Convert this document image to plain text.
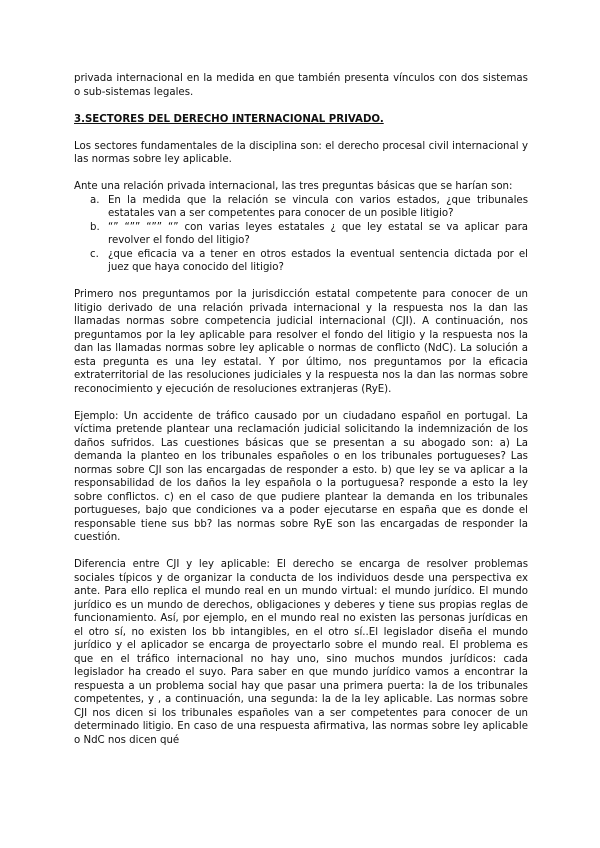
privada internacional en la medida en que también presenta vínculos con dos sistemas o sub-sistemas legales.

3.SECTORES DEL DERECHO INTERNACIONAL PRIVADO.

Los sectores fundamentales de la disciplina son: el derecho procesal civil internacional y las normas sobre ley aplicable.

Ante una relación privada internacional, las tres preguntas básicas que se harían son:

a. En la medida que la relación se vincula con varios estados, ¿que tribunales estatales van a ser competentes para conocer de un posible litigio?
b. “” “”” “”” “” con varias leyes estatales ¿ que ley estatal se va aplicar para revolver el fondo del litigio?
c. ¿que eficacia va a tener en otros estados la eventual sentencia dictada por el juez que haya conocido del litigio?

Primero nos preguntamos por la jurisdicción estatal competente para conocer de un litigio derivado de una relación privada internacional y la respuesta nos la dan las llamadas normas sobre competencia judicial internacional (CJI). A continuación, nos preguntamos por la ley aplicable para resolver el fondo del litigio y la respuesta nos la dan las llamadas normas sobre ley aplicable o normas de conflicto (NdC). La solución a esta pregunta es una ley estatal. Y por último, nos preguntamos por la eficacia extraterritorial de las resoluciones judiciales y la respuesta nos la dan las normas sobre reconocimiento y ejecución de resoluciones extranjeras (RyE).

Ejemplo: Un accidente de tráfico causado por un ciudadano español en portugal. La víctima pretende plantear una reclamación judicial solicitando la indemnización de los daños sufridos. Las cuestiones básicas que se presentan a su abogado son: a) La demanda la planteo en los tribunales españoles o en los tribunales portugueses? Las normas sobre CJI son las encargadas de responder a esto. b) que ley se va aplicar a la responsabilidad de los daños la ley española o la portuguesa? responde a esto la ley sobre conflictos. c) en el caso de que pudiere plantear la demanda en los tribunales portugueses, bajo que condiciones va a poder ejecutarse en españa que es donde el responsable tiene sus bb? las normas sobre RyE son las encargadas de responder la cuestión.

Diferencia entre CJI y ley aplicable: El derecho se encarga de resolver problemas sociales típicos y de organizar la conducta de los individuos desde una perspectiva ex ante. Para ello replica el mundo real en un mundo virtual: el mundo jurídico. El mundo jurídico es un mundo de derechos, obligaciones y deberes y tiene sus propias reglas de funcionamiento. Así, por ejemplo, en el mundo real no existen las personas jurídicas en el otro sí, no existen los bb intangibles, en el otro sí..El legislador diseña el mundo jurídico y el aplicador se encarga de proyectarlo sobre el mundo real. El problema es que en el tráfico internacional no hay uno, sino muchos mundos jurídicos: cada legislador ha creado el suyo. Para saber en que mundo jurídico vamos a encontrar la respuesta a un problema social hay que pasar una primera puerta: la de los tribunales competentes, y , a continuación, una segunda: la de la ley aplicable. Las normas sobre CJI nos dicen si los tribunales españoles van a ser competentes para conocer de un determinado litigio. En caso de una respuesta afirmativa, las normas sobre ley aplicable o NdC nos dicen qué
